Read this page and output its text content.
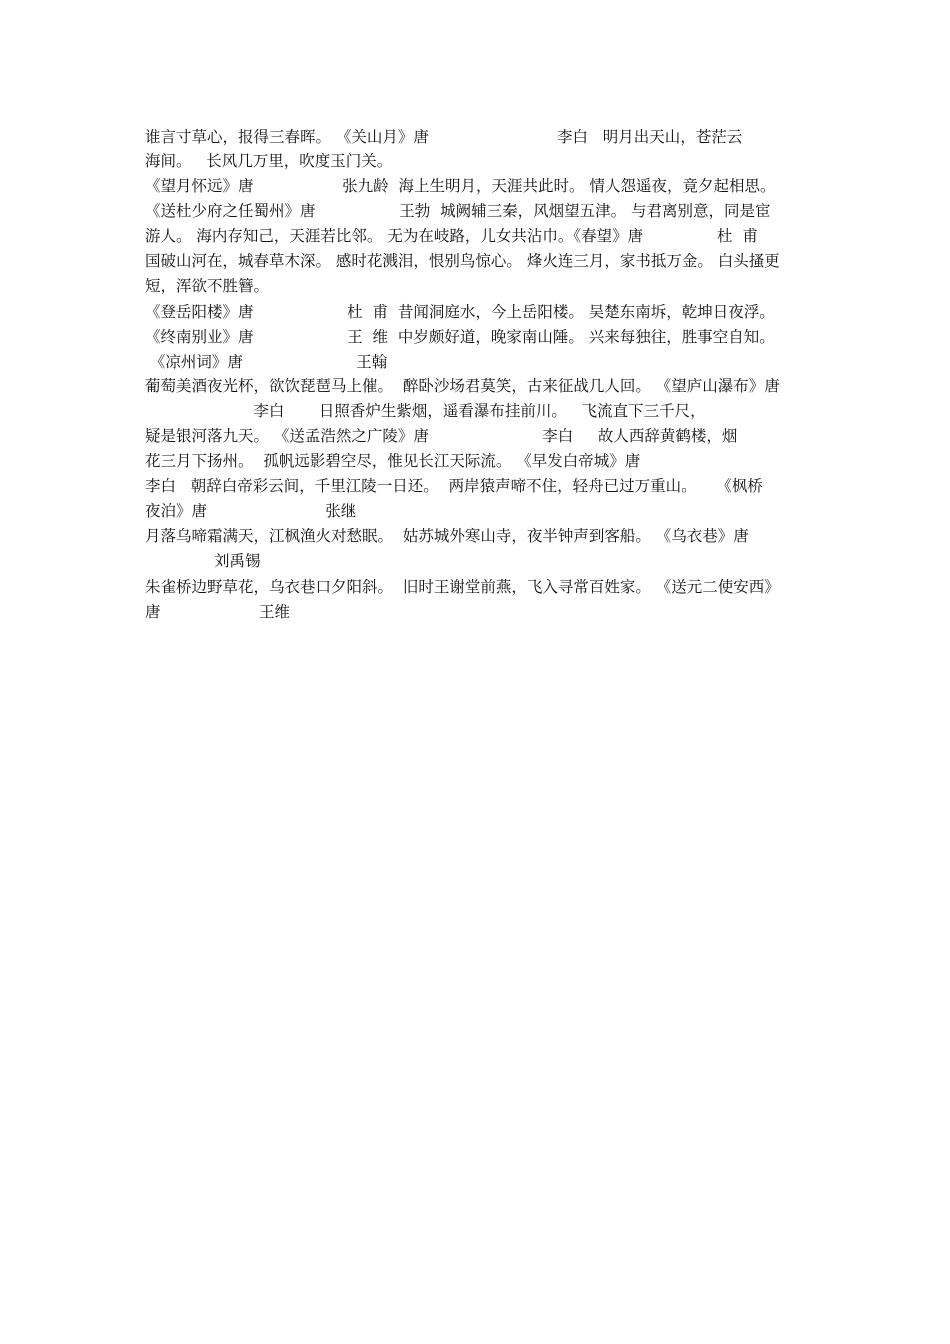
谁言寸草心，报得三春晖。 《关山月》唐                          李白   明月出天山，苍茫云
海间。   长风几万里，吹度玉门关。
《望月怀远》唐                  张九龄  海上生明月，天涯共此时。 情人怨遥夜，竟夕起相思。
《送杜少府之任蜀州》唐                 王勃  城阙辅三秦，风烟望五津。 与君离别意，同是宦
游人。 海内存知己，天涯若比邻。 无为在岐路，儿女共沾巾。《春望》唐               杜  甫
国破山河在，城春草木深。 感时花溅泪，恨别鸟惊心。 烽火连三月，家书抵万金。 白头搔更
短，浑欲不胜簪。
《登岳阳楼》唐                   杜  甫  昔闻洞庭水，今上岳阳楼。 吴楚东南坼，乾坤日夜浮。
《终南别业》唐                   王  维  中岁颇好道，晚家南山陲。 兴来每独往，胜事空自知。
《凉州词》唐                       王翰
葡萄美酒夜光杯，欲饮琵琶马上催。  醉卧沙场君莫笑，古来征战几人回。 《望庐山瀑布》唐
李白       日照香炉生紫烟，遥看瀑布挂前川。   飞流直下三千尺，
疑是银河落九天。 《送孟浩然之广陵》唐                       李白     故人西辞黄鹤楼，烟
花三月下扬州。  孤帆远影碧空尽，惟见长江天际流。 《早发白帝城》唐
李白   朝辞白帝彩云间，千里江陵一日还。  两岸猿声啼不住，轻舟已过万重山。    《枫桥
夜泊》唐                        张继
月落乌啼霜满天，江枫渔火对愁眠。  姑苏城外寒山寺，夜半钟声到客船。 《乌衣巷》唐
刘禹锡
朱雀桥边野草花，乌衣巷口夕阳斜。  旧时王谢堂前燕，飞入寻常百姓家。 《送元二使安西》
唐                    王维
